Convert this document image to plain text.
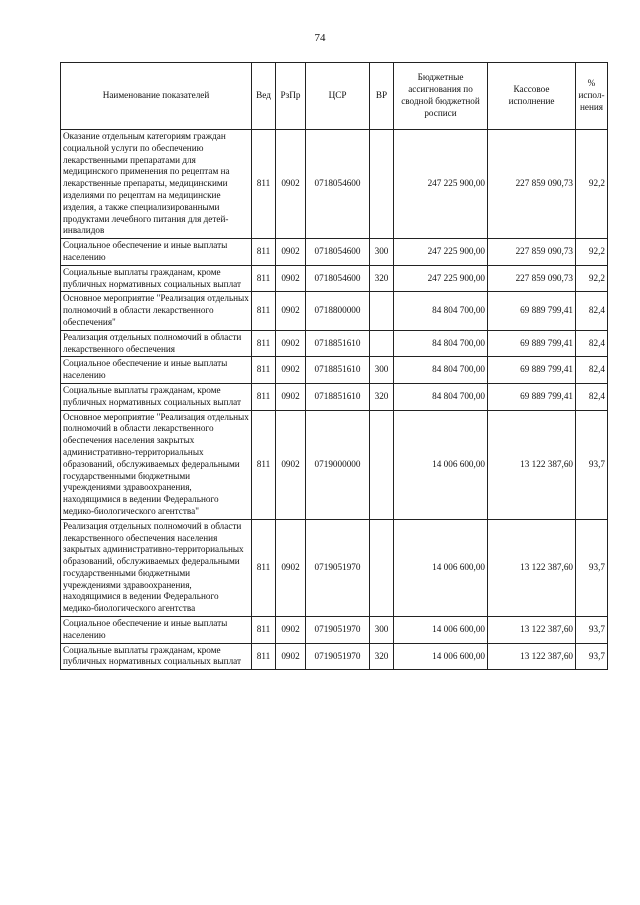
74
Наименование показателей	Вед	РзПр	ЦСР	ВР	Бюджетные ассигнования по сводной бюджетной росписи	Кассовое исполнение	% испол-нения
Оказание отдельным категориям граждан социальной услуги по обеспечению лекарственными препаратами для медицинского применения по рецептам на лекарственные препараты, медицинскими изделиями по рецептам на медицинские изделия, а также специализированными продуктами лечебного питания для детей-инвалидов	811	0902	0718054600		247 225 900,00	227 859 090,73	92,2
Социальное обеспечение и иные выплаты населению	811	0902	0718054600	300	247 225 900,00	227 859 090,73	92,2
Социальные выплаты гражданам, кроме публичных нормативных социальных выплат	811	0902	0718054600	320	247 225 900,00	227 859 090,73	92,2
Основное мероприятие "Реализация отдельных полномочий в области лекарственного обеспечения"	811	0902	0718800000		84 804 700,00	69 889 799,41	82,4
Реализация отдельных полномочий в области лекарственного обеспечения	811	0902	0718851610		84 804 700,00	69 889 799,41	82,4
Социальное обеспечение и иные выплаты населению	811	0902	0718851610	300	84 804 700,00	69 889 799,41	82,4
Социальные выплаты гражданам, кроме публичных нормативных социальных выплат	811	0902	0718851610	320	84 804 700,00	69 889 799,41	82,4
Основное мероприятие "Реализация отдельных полномочий в области лекарственного обеспечения населения закрытых административно-территориальных образований, обслуживаемых федеральными государственными бюджетными учреждениями здравоохранения, находящимися в ведении Федерального медико-биологического агентства"	811	0902	0719000000		14 006 600,00	13 122 387,60	93,7
Реализация отдельных полномочий в области лекарственного обеспечения населения закрытых административно-территориальных образований, обслуживаемых федеральными государственными бюджетными учреждениями здравоохранения, находящимися в ведении Федерального медико-биологического агентства	811	0902	0719051970		14 006 600,00	13 122 387,60	93,7
Социальное обеспечение и иные выплаты населению	811	0902	0719051970	300	14 006 600,00	13 122 387,60	93,7
Социальные выплаты гражданам, кроме публичных нормативных социальных выплат	811	0902	0719051970	320	14 006 600,00	13 122 387,60	93,7
